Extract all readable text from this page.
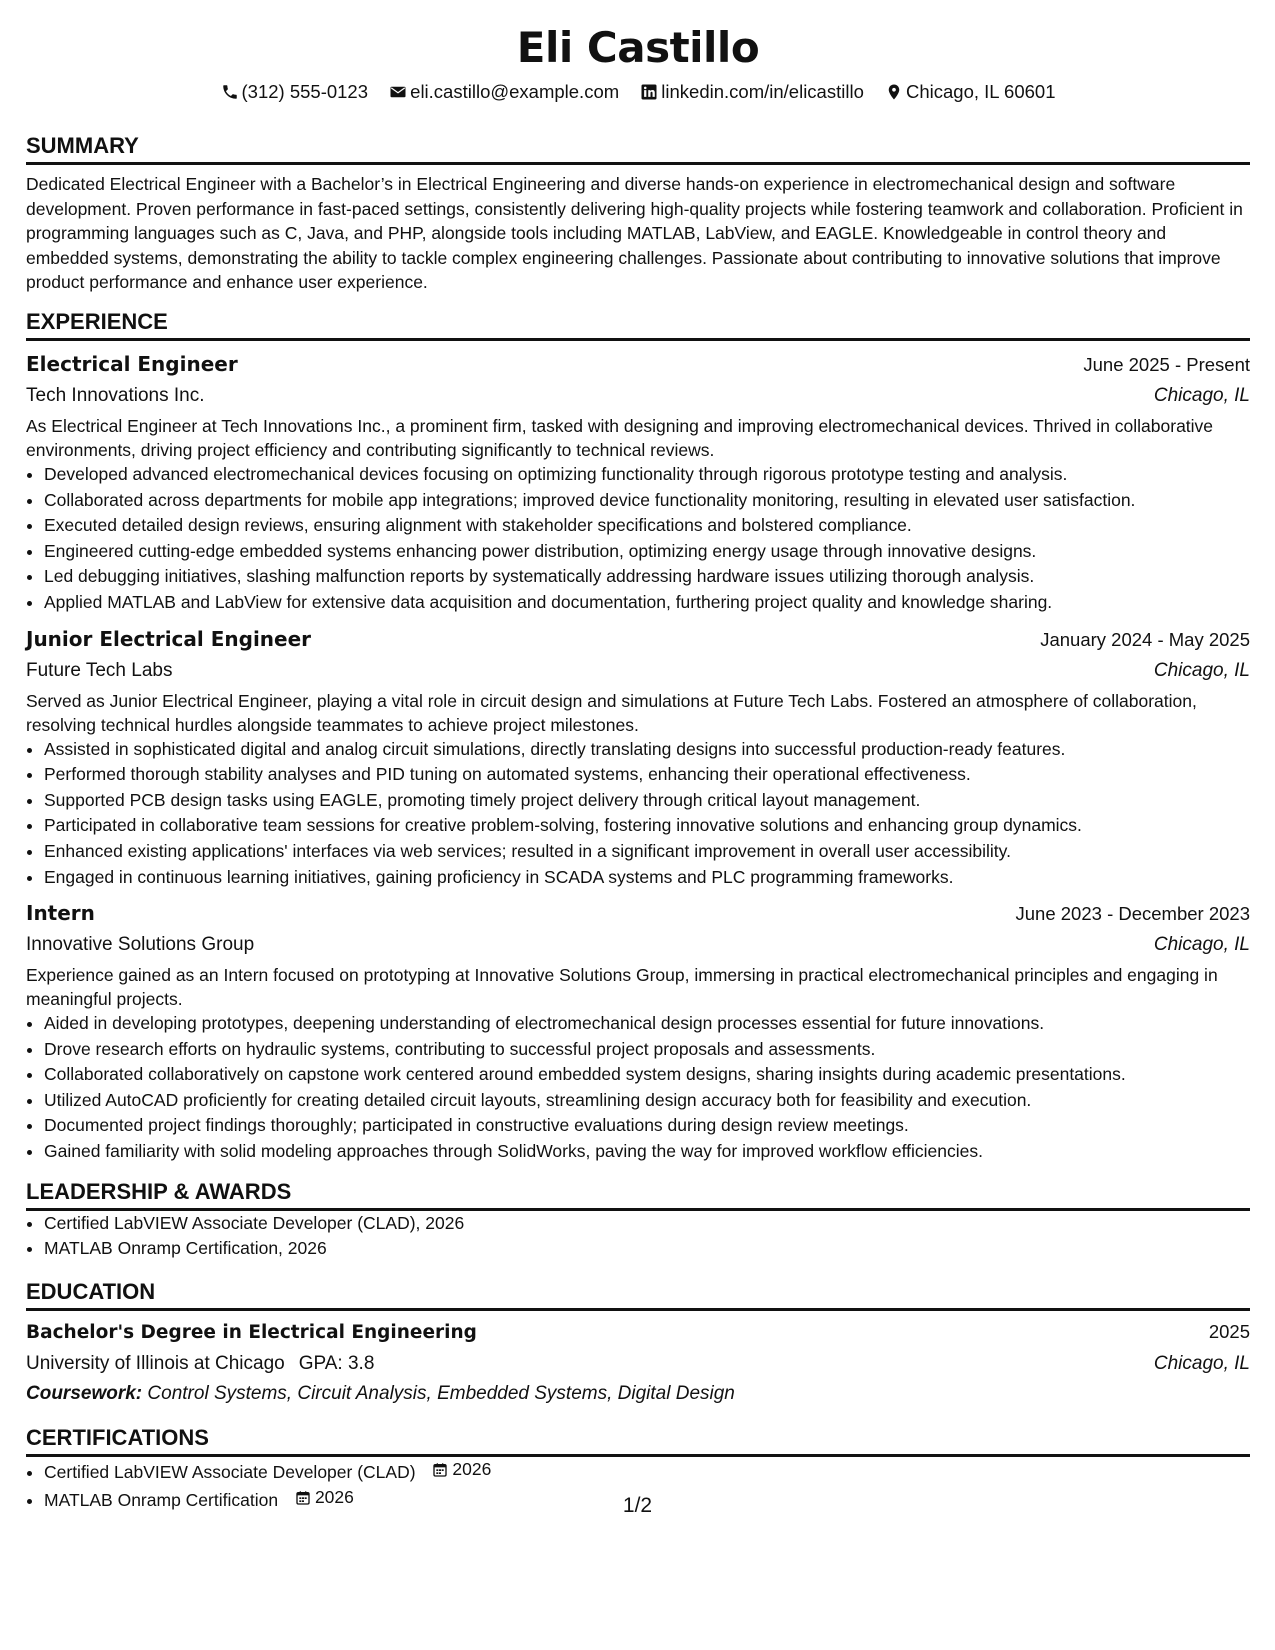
Eli Castillo
(312) 555-0123
eli.castillo@example.com
linkedin.com/in/elicastillo
Chicago, IL 60601
SUMMARY

Dedicated Electrical Engineer with a Bachelor’s in Electrical Engineering and diverse hands-on experience in electromechanical design and software development. Proven performance in fast-paced settings, consistently delivering high-quality projects while fostering teamwork and collaboration. Proficient in programming languages such as C, Java, and PHP, alongside tools including MATLAB, LabView, and EAGLE. Knowledgeable in control theory and embedded systems, demonstrating the ability to tackle complex engineering challenges. Passionate about contributing to innovative solutions that improve product performance and enhance user experience.

EXPERIENCE
Electrical Engineer	June 2025 - Present
Tech Innovations Inc.	Chicago, IL

As Electrical Engineer at Tech Innovations Inc., a prominent firm, tasked with designing and improving electromechanical devices. Thrived in collaborative environments, driving project efficiency and contributing significantly to technical reviews.

• Developed advanced electromechanical devices focusing on optimizing functionality through rigorous prototype testing and analysis.
• Collaborated across departments for mobile app integrations; improved device functionality monitoring, resulting in elevated user satisfaction.
• Executed detailed design reviews, ensuring alignment with stakeholder specifications and bolstered compliance.
• Engineered cutting-edge embedded systems enhancing power distribution, optimizing energy usage through innovative designs.
• Led debugging initiatives, slashing malfunction reports by systematically addressing hardware issues utilizing thorough analysis.
• Applied MATLAB and LabView for extensive data acquisition and documentation, furthering project quality and knowledge sharing.
Junior Electrical Engineer	January 2024 - May 2025
Future Tech Labs	Chicago, IL

Served as Junior Electrical Engineer, playing a vital role in circuit design and simulations at Future Tech Labs. Fostered an atmosphere of collaboration, resolving technical hurdles alongside teammates to achieve project milestones.

• Assisted in sophisticated digital and analog circuit simulations, directly translating designs into successful production-ready features.
• Performed thorough stability analyses and PID tuning on automated systems, enhancing their operational effectiveness.
• Supported PCB design tasks using EAGLE, promoting timely project delivery through critical layout management.
• Participated in collaborative team sessions for creative problem-solving, fostering innovative solutions and enhancing group dynamics.
• Enhanced existing applications' interfaces via web services; resulted in a significant improvement in overall user accessibility.
• Engaged in continuous learning initiatives, gaining proficiency in SCADA systems and PLC programming frameworks.
Intern	June 2023 - December 2023
Innovative Solutions Group	Chicago, IL

Experience gained as an Intern focused on prototyping at Innovative Solutions Group, immersing in practical electromechanical principles and engaging in meaningful projects.

• Aided in developing prototypes, deepening understanding of electromechanical design processes essential for future innovations.
• Drove research efforts on hydraulic systems, contributing to successful project proposals and assessments.
• Collaborated collaboratively on capstone work centered around embedded system designs, sharing insights during academic presentations.
• Utilized AutoCAD proficiently for creating detailed circuit layouts, streamlining design accuracy both for feasibility and execution.
• Documented project findings thoroughly; participated in constructive evaluations during design review meetings.
• Gained familiarity with solid modeling approaches through SolidWorks, paving the way for improved workflow efficiencies.
LEADERSHIP & AWARDS
• Certified LabVIEW Associate Developer (CLAD), 2026
• MATLAB Onramp Certification, 2026
EDUCATION
Bachelor's Degree in Electrical Engineering	2025
University of Illinois at Chicago GPA: 3.8	Chicago, IL
Coursework: Control Systems, Circuit Analysis, Embedded Systems, Digital Design
CERTIFICATIONS
• Certified LabVIEW Associate Developer (CLAD) 2026
• MATLAB Onramp Certification 2026	1/2
